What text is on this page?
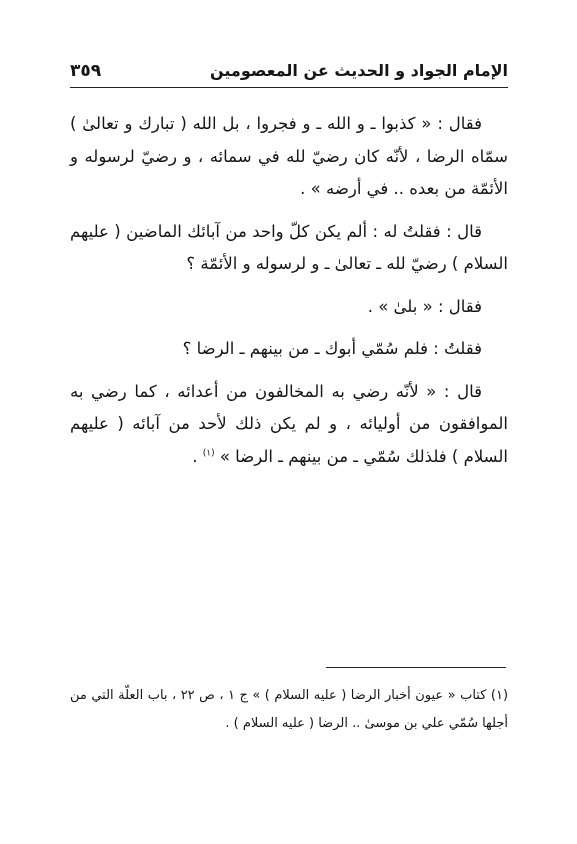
الإمام الجواد و الحديث عن المعصومين
٣٥٩

فقال : « كذبوا ـ و الله ـ و فجروا ، بل الله ( تبارك و تعالىٰ ) سمّاه الرضا ، لأنّه كان رضيّ لله في سمائه ، و رضيّ لرسوله و الأئمّة من بعده .. في أرضه » .

قال : فقلتُ له : ألم يكن كلّ واحد من آبائك الماضين ( عليهم السلام ) رضيّ لله ـ تعالىٰ ـ و لرسوله و الأئمّة ؟

فقال : « بلىٰ » .

فقلتُ : فلم سُمّي أبوك ـ من بينهم ـ الرضا ؟

قال : « لأنّه رضي به المخالفون من أعدائه ، كما رضي به الموافقون من أوليائه ، و لم يكن ذلك لأحد من آبائه ( عليهم السلام ) فلذلك سُمّي ـ من بينهم ـ الرضا » $^{(١)}$ .

(١) كتاب « عيون أخبار الرضا ( عليه السلام ) » ج ١ ، ص ٢٢ ، باب العلّة التي من أجلها سُمّي علي بن موسىٰ .. الرضا ( عليه السلام ) .
